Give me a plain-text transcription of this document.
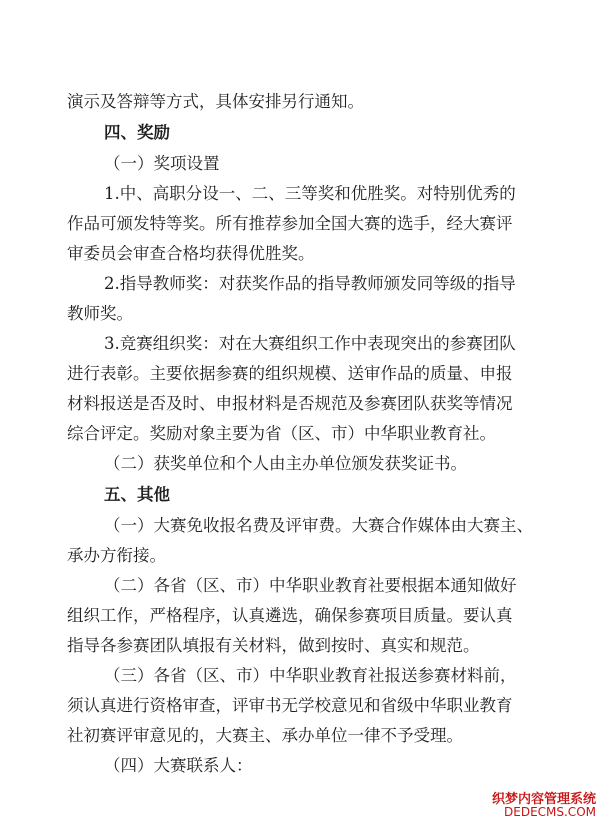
演示及答辩等方式，具体安排另行通知。
四、奖励
（一）奖项设置
1.中、高职分设一、二、三等奖和优胜奖。对特别优秀的
作品可颁发特等奖。所有推荐参加全国大赛的选手，经大赛评
审委员会审查合格均获得优胜奖。
2.指导教师奖：对获奖作品的指导教师颁发同等级的指导
教师奖。
3.竞赛组织奖：对在大赛组织工作中表现突出的参赛团队
进行表彰。主要依据参赛的组织规模、送审作品的质量、申报
材料报送是否及时、申报材料是否规范及参赛团队获奖等情况
综合评定。奖励对象主要为省（区、市）中华职业教育社。
（二）获奖单位和个人由主办单位颁发获奖证书。
五、其他
（一）大赛免收报名费及评审费。大赛合作媒体由大赛主、
承办方衔接。
（二）各省（区、市）中华职业教育社要根据本通知做好
组织工作，严格程序，认真遴选，确保参赛项目质量。要认真
指导各参赛团队填报有关材料，做到按时、真实和规范。
（三）各省（区、市）中华职业教育社报送参赛材料前，
须认真进行资格审查，评审书无学校意见和省级中华职业教育
社初赛评审意见的，大赛主、承办单位一律不予受理。
（四）大赛联系人：
织梦内容管理系统
DEDECMS.COM
